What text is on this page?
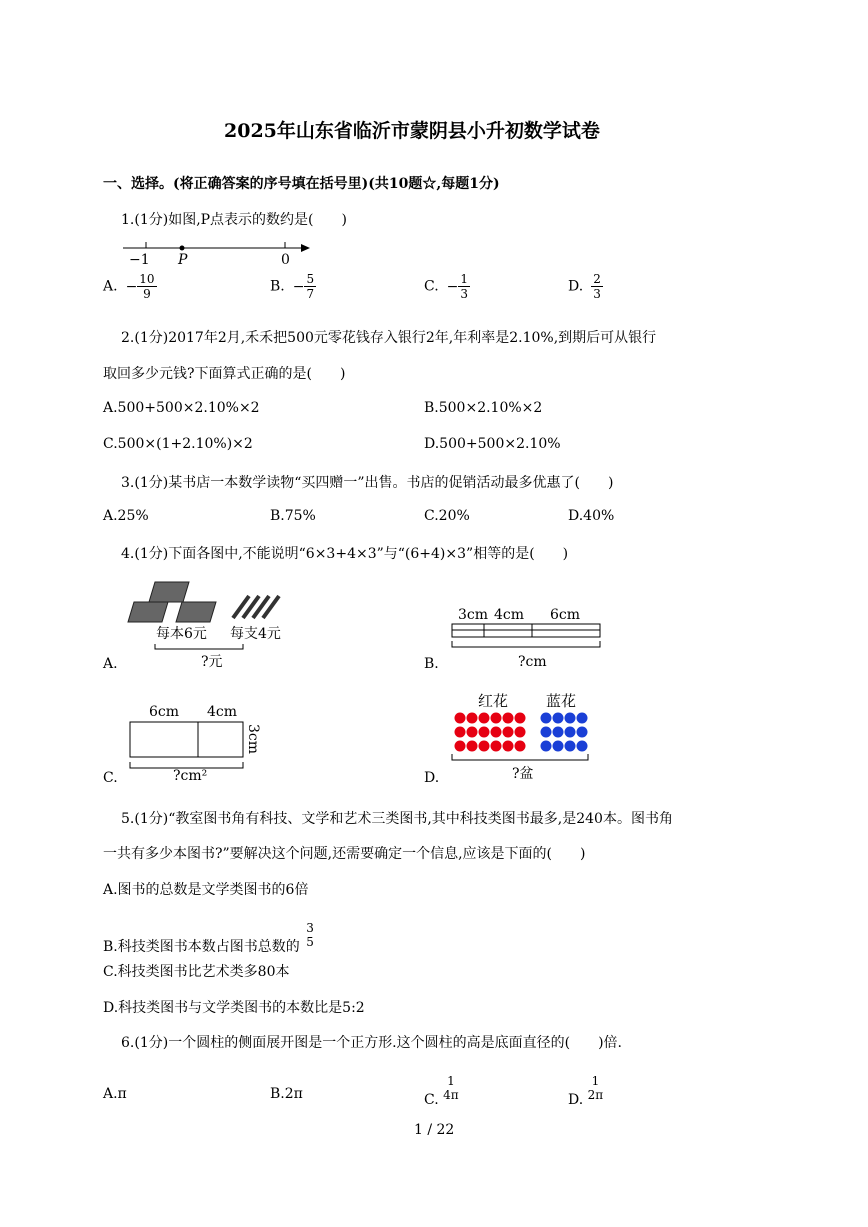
2025年山东省临沂市蒙阴县小升初数学试卷
一、选择。(将正确答案的序号填在括号里)(共10题☆,每题1分)
1.(1分)如图,P点表示的数约是(　　)
−1 P	0
A. − $\frac{10}{9}$	B. − $\frac{5}{7}$	C. − $\frac{1}{3}$	D. $\frac{2}{3}$
2.(1分)2017年2月,禾禾把500元零花钱存入银行2年,年利率是2.10%,到期后可从银行
取回多少元钱?下面算式正确的是(　　)
A.500+500×2.10%×2	B.500×2.10%×2
C.500×(1+2.10%)×2	D.500+500×2.10%
3.(1分)某书店一本数学读物“买四赠一”出售。书店的促销活动最多优惠了(　　)
A.25%	B.75%	C.20%	D.40%
4.(1分)下面各图中,不能说明“6×3+4×3”与“(6+4)×3”相等的是(　　)
每本6元 每支4元
?元
A.
3cm 4cm 6cm
?cm
B.
6cm 4cm
3cm
?cm²
C.
红花	蓝花
?盆
D.
5.(1分)“教室图书角有科技、文学和艺术三类图书,其中科技类图书最多,是240本。图书角
一共有多少本图书?”要解决这个问题,还需要确定一个信息,应该是下面的(　　)
A.图书的总数是文学类图书的6倍
B.科技类图书本数占图书总数的
3
5
C.科技类图书比艺术类多80本
D.科技类图书与文学类图书的本数比是5:2
6.(1分)一个圆柱的侧面展开图是一个正方形.这个圆柱的高是底面直径的(　　)倍.
A.π	B.2π	C.
1
4π	D.
1
2π
1 / 22
